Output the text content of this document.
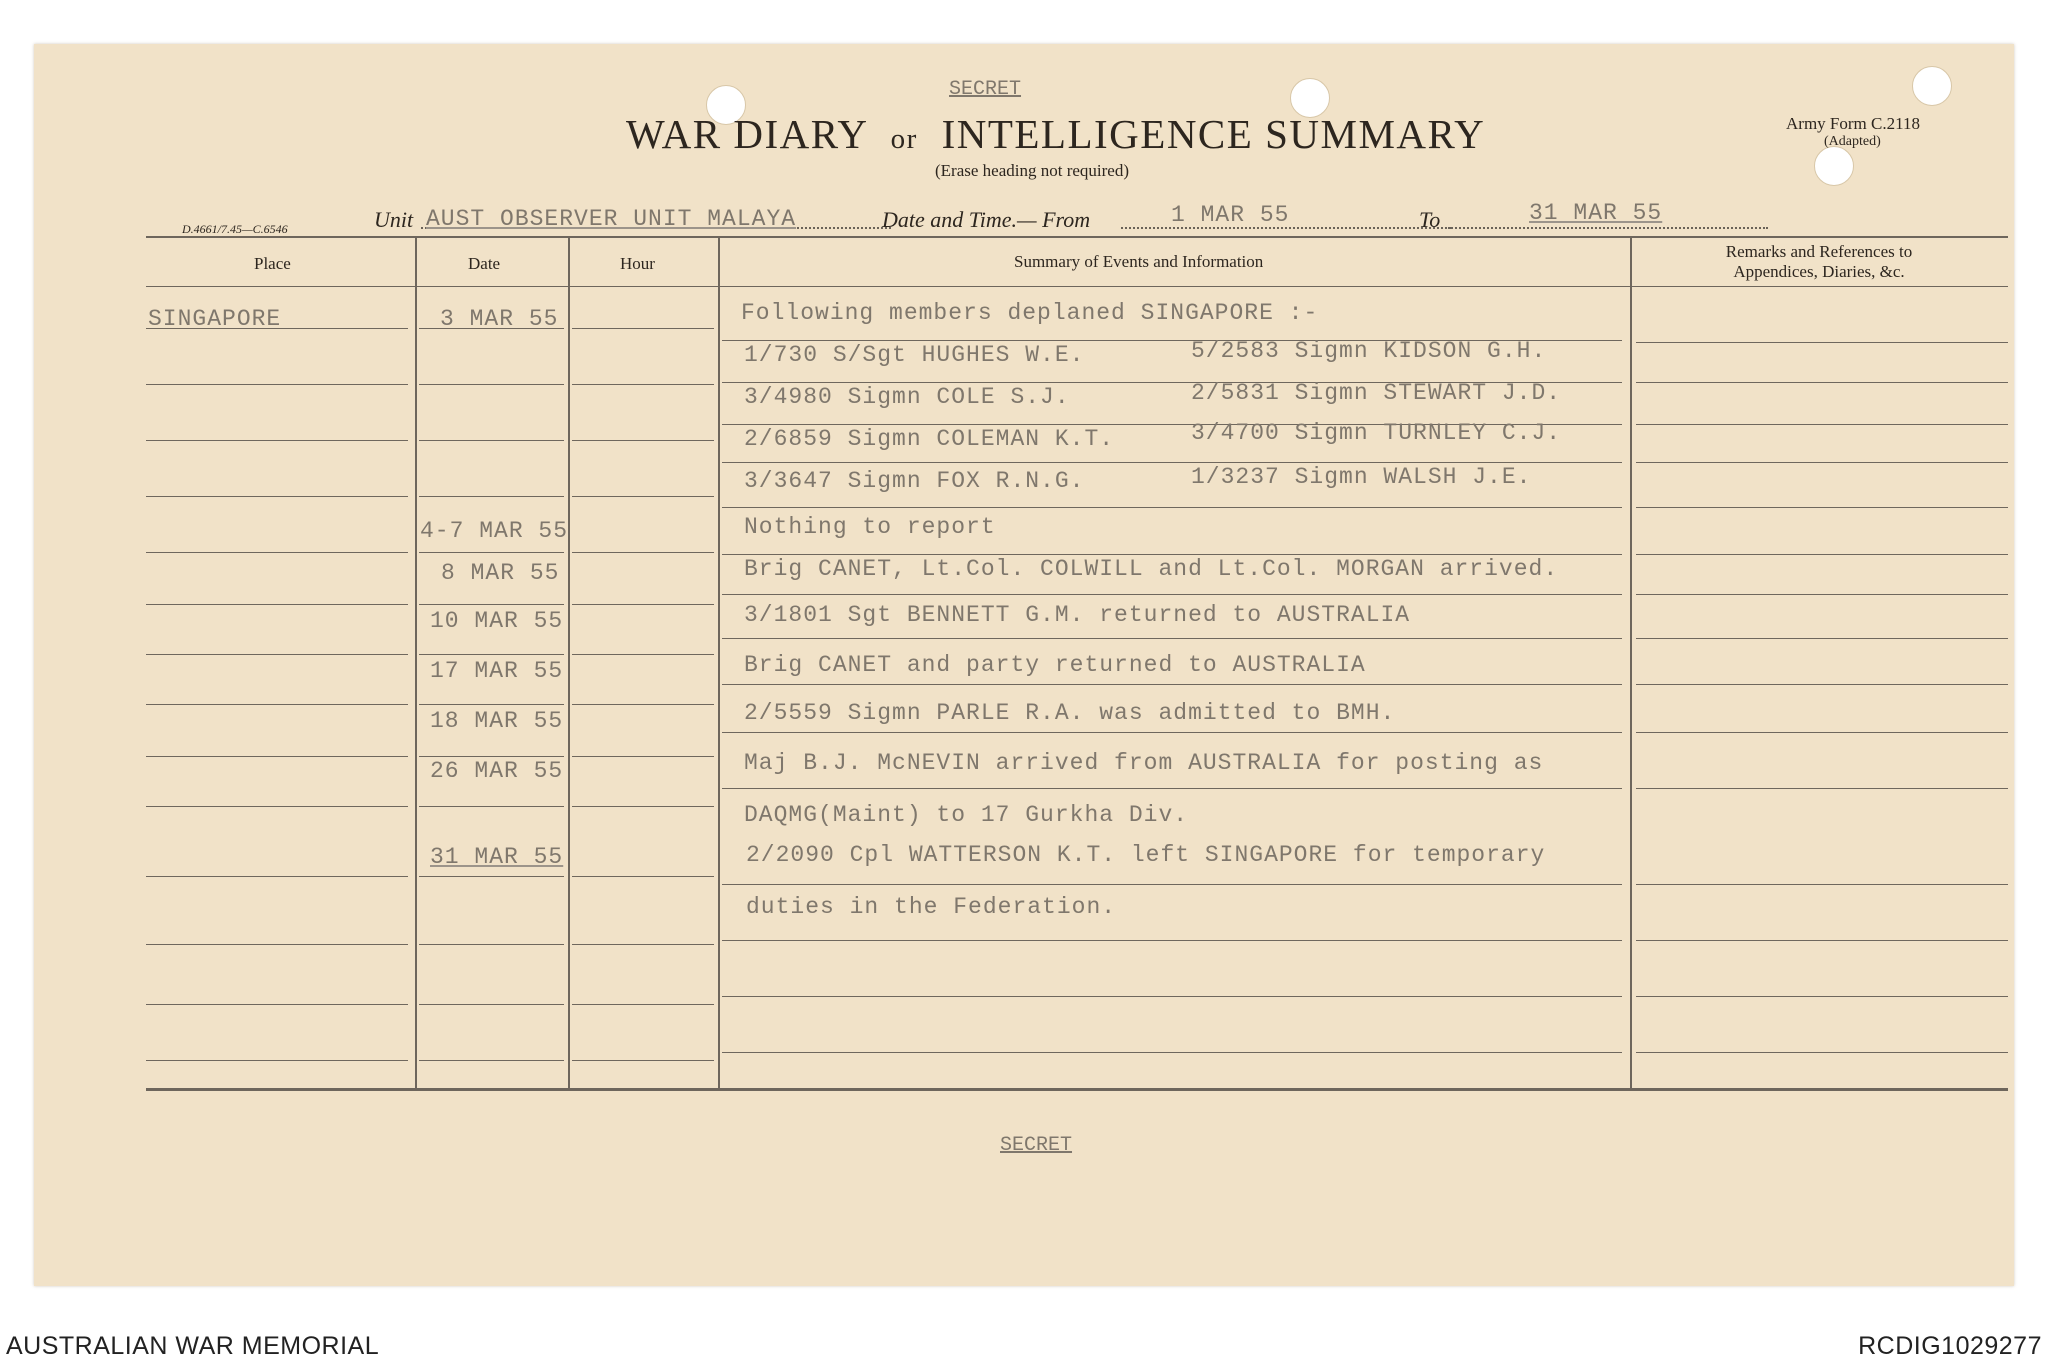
SECRET
WAR DIARY or INTELLIGENCE SUMMARY
(Erase heading not required)
Army Form C.2118
(Adapted)
D.4661/7.45—C.6546	Unit AUST OBSERVER UNIT MALAYA	Date and Time.— From	1 MAR 55	To	31 MAR 55
Place	Date	Hour	Summary of Events and Information
Remarks and References to
Appendices, Diaries, &c.
SINGAPORE	3 MAR 55	Following members deplaned SINGAPORE :-
1/730 S/Sgt HUGHES W.E.	5/2583 Sigmn KIDSON G.H.
3/4980 Sigmn COLE S.J.	2/5831 Sigmn STEWART J.D.
2/6859 Sigmn COLEMAN K.T.	3/4700 Sigmn TURNLEY C.J.
3/3647 Sigmn FOX R.N.G.	1/3237 Sigmn WALSH J.E.
4-7 MAR 55	Nothing to report
8 MAR 55	Brig CANET, Lt.Col. COLWILL and Lt.Col. MORGAN arrived.
10 MAR 55	3/1801 Sgt BENNETT G.M. returned to AUSTRALIA
17 MAR 55	Brig CANET and party returned to AUSTRALIA
18 MAR 55	2/5559 Sigmn PARLE R.A. was admitted to BMH.
26 MAR 55	Maj B.J. McNEVIN arrived from AUSTRALIA for posting as
DAQMG(Maint) to 17 Gurkha Div.
31 MAR 55	2/2090 Cpl WATTERSON K.T. left SINGAPORE for temporary
duties in the Federation.
SECRET
AUSTRALIAN WAR MEMORIAL	RCDIG1029277
